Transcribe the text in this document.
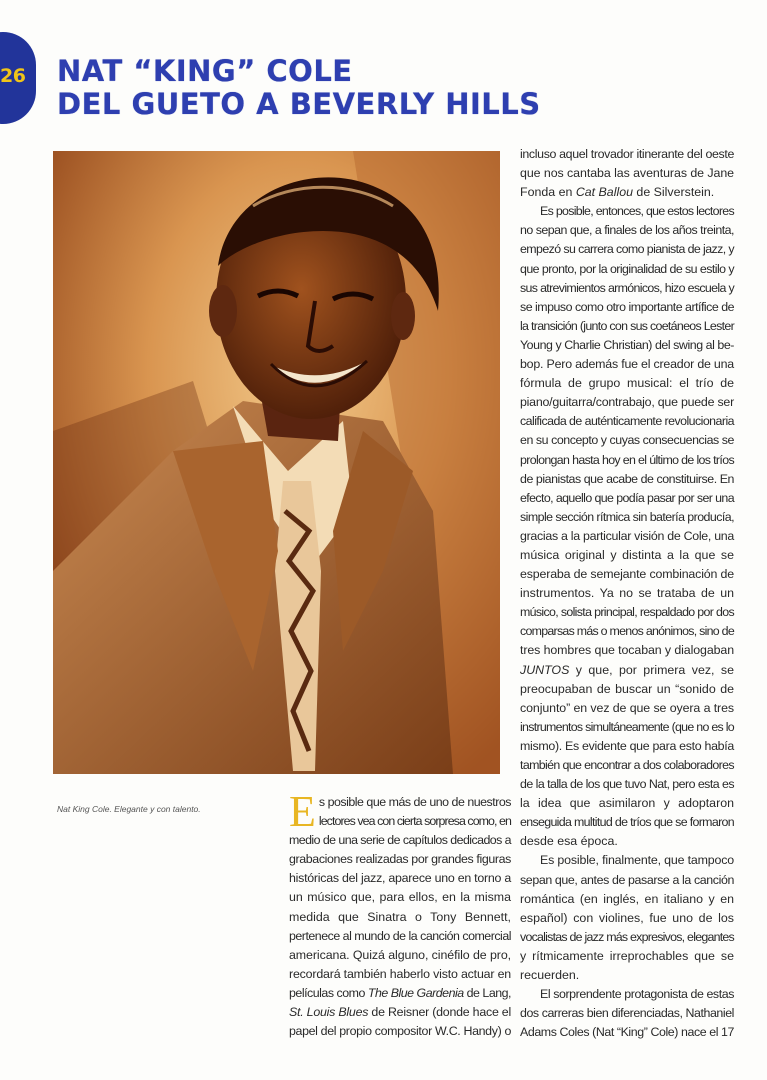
26 NAT “KING” COLE
DEL GUETO A BEVERLY HILLS
Nat King Cole. Elegante y con talento. E s posible que más de uno de nuestros
lectores vea con cierta sorpresa como, en
medio de una serie de capítulos dedicados a
grabaciones realizadas por grandes figuras
históricas del jazz, aparece uno en torno a
un músico que, para ellos, en la misma
medida que Sinatra o Tony Bennett,
pertenece al mundo de la canción comercial
americana. Quizá alguno, cinéfilo de pro,
recordará también haberlo visto actuar en
películas como The Blue Gardenia de Lang,
St. Louis Blues de Reisner (donde hace el
papel del propio compositor W.C. Handy) o

incluso aquel trovador itinerante del oeste
que nos cantaba las aventuras de Jane
Fonda en Cat Ballou de Silverstein.

Es posible, entonces, que estos lectores
no sepan que, a finales de los años treinta,
empezó su carrera como pianista de jazz, y
que pronto, por la originalidad de su estilo y
sus atrevimientos armónicos, hizo escuela y
se impuso como otro importante artífice de
la transición (junto con sus coetáneos Lester
Young y Charlie Christian) del swing al be-
bop. Pero además fue el creador de una
fórmula de grupo musical: el trío de
piano/guitarra/contrabajo, que puede ser
calificada de auténticamente revolucionaria
en su concepto y cuyas consecuencias se
prolongan hasta hoy en el último de los tríos
de pianistas que acabe de constituirse. En
efecto, aquello que podía pasar por ser una
simple sección rítmica sin batería producía,
gracias a la particular visión de Cole, una
música original y distinta a la que se
esperaba de semejante combinación de
instrumentos. Ya no se trataba de un
músico, solista principal, respaldado por dos
comparsas más o menos anónimos, sino de
tres hombres que tocaban y dialogaban
JUNTOS y que, por primera vez, se
preocupaban de buscar un “sonido de
conjunto” en vez de que se oyera a tres
instrumentos simultáneamente (que no es lo
mismo). Es evidente que para esto había
también que encontrar a dos colaboradores
de la talla de los que tuvo Nat, pero esta es
la idea que asimilaron y adoptaron
enseguida multitud de tríos que se formaron
desde esa época.

Es posible, finalmente, que tampoco
sepan que, antes de pasarse a la canción
romántica (en inglés, en italiano y en
español) con violines, fue uno de los
vocalistas de jazz más expresivos, elegantes
y rítmicamente irreprochables que se
recuerden.

El sorprendente protagonista de estas
dos carreras bien diferenciadas, Nathaniel
Adams Coles (Nat “King” Cole) nace el 17
